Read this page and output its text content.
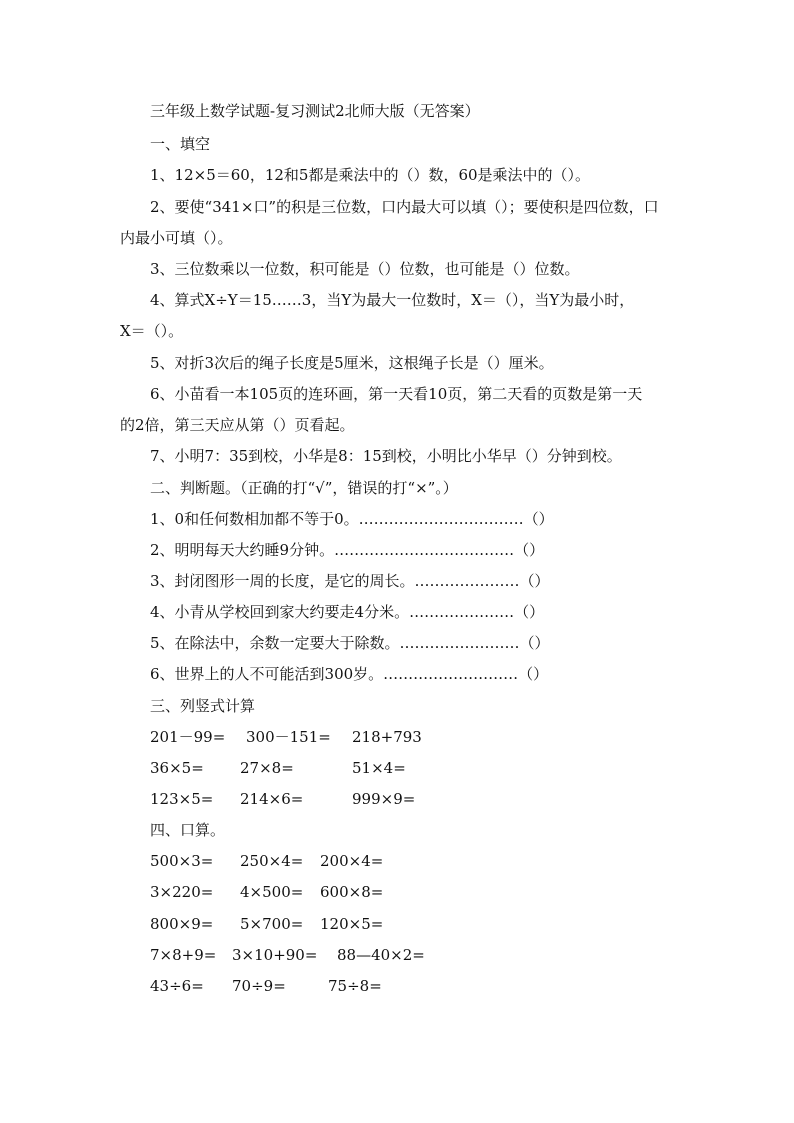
三年级上数学试题-复习测试2北师大版（无答案）
一、填空
1、12×5＝60，12和5都是乘法中的（）数，60是乘法中的（）。
2、要使“341×口”的积是三位数，口内最大可以填（）；要使积是四位数，口
内最小可填（）。
3、三位数乘以一位数，积可能是（）位数，也可能是（）位数。
4、算式X÷Y＝15……3，当Y为最大一位数时，X＝（），当Y为最小时，
X＝（）。
5、对折3次后的绳子长度是5厘米，这根绳子长是（）厘米。
6、小苗看一本105页的连环画，第一天看10页，第二天看的页数是第一天
的2倍，第三天应从第（）页看起。
7、小明7：35到校，小华是8：15到校，小明比小华早（）分钟到校。
二、判断题。（正确的打“√”，错误的打“×”。）
1、0和任何数相加都不等于0。……………………………（）
2、明明每天大约睡9分钟。………………………………（）
3、封闭图形一周的长度，是它的周长。…………………（）
4、小青从学校回到家大约要走4分米。…………………（）
5、在除法中，余数一定要大于除数。……………………（）
6、世界上的人不可能活到300岁。………………………（）
三、列竖式计算
201－99= 300－151= 218+793
36×5= 27×8=	51×4=
123×5= 214×6=	999×9=
四、口算。
500×3= 250×4= 200×4=
3×220= 4×500= 600×8=
800×9= 5×700= 120×5=
7×8+9= 3×10+90= 88—40×2=
43÷6= 70÷9=	75÷8=
